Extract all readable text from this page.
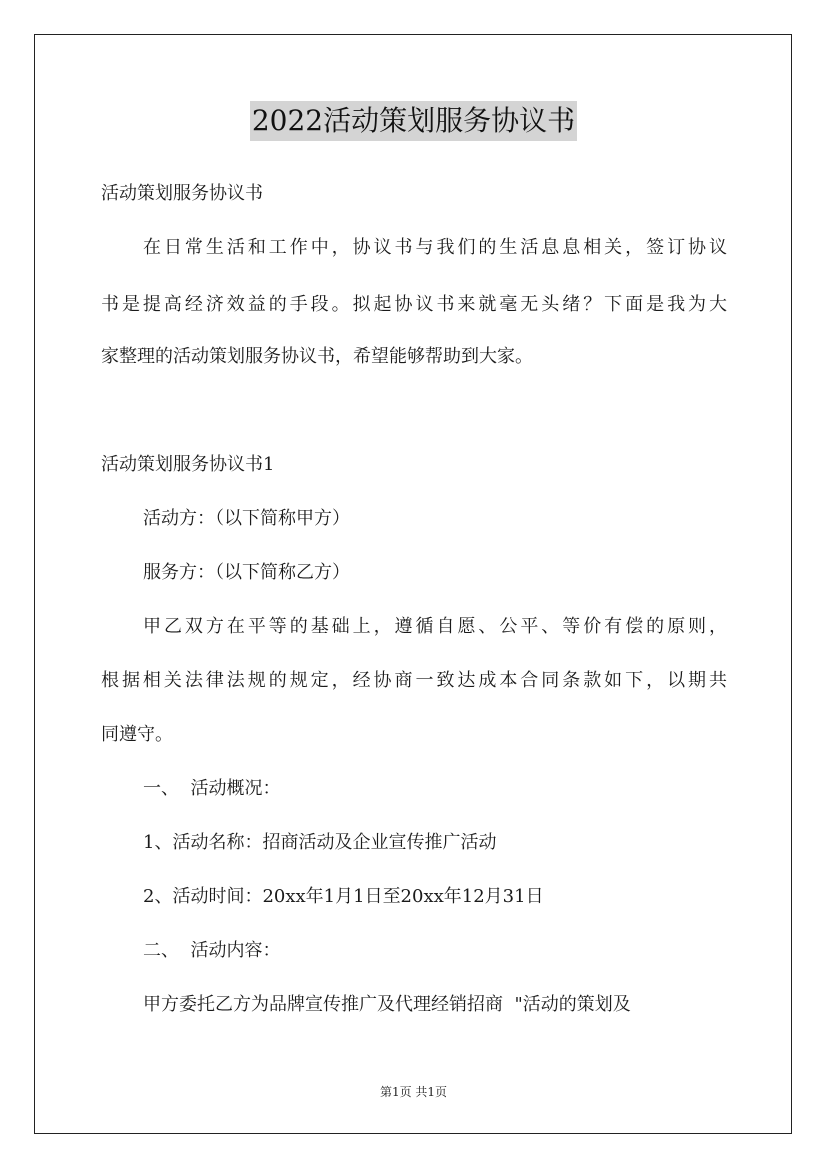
2022活动策划服务协议书
活动策划服务协议书
在日常生活和工作中，协议书与我们的生活息息相关，签订协议
书是提高经济效益的手段。拟起协议书来就毫无头绪？下面是我为大
家整理的活动策划服务协议书，希望能够帮助到大家。
活动策划服务协议书1
活动方：（以下简称甲方）
服务方：（以下简称乙方）
甲乙双方在平等的基础上，遵循自愿、公平、等价有偿的原则，
根据相关法律法规的规定，经协商一致达成本合同条款如下，以期共
同遵守。
一、  活动概况：
1、活动名称：招商活动及企业宣传推广活动
2、活动时间：20xx年1月1日至20xx年12月31日
二、  活动内容：
甲方委托乙方为品牌宣传推广及代理经销招商  "活动的策划及
第1页 共1页
